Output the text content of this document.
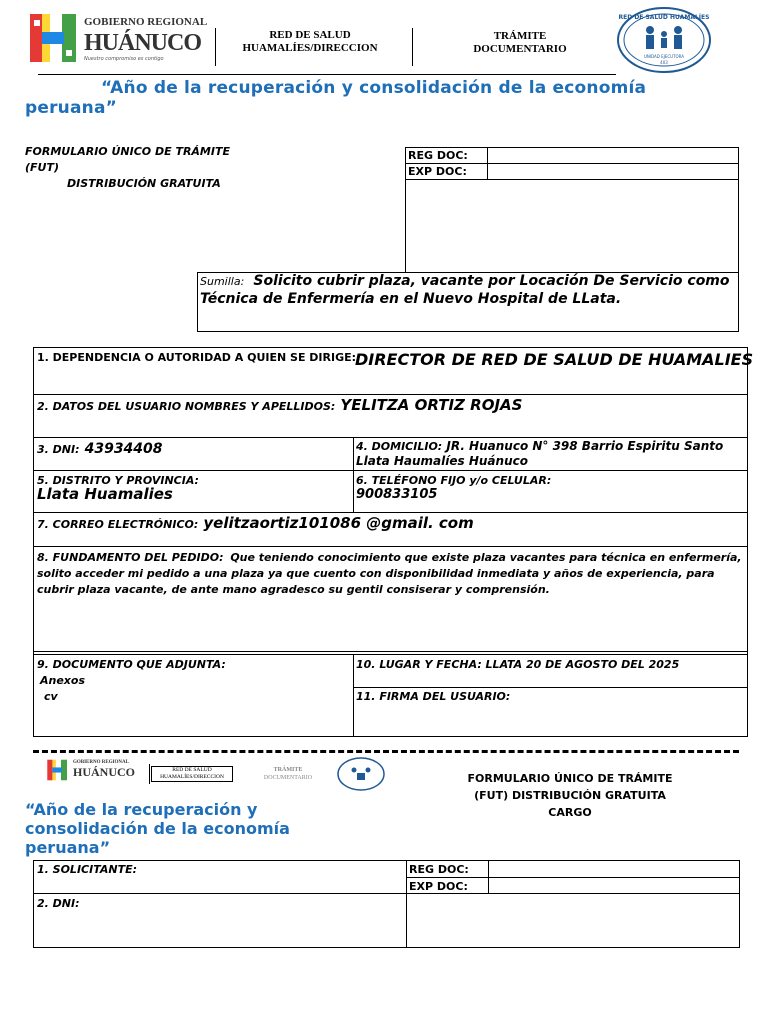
GOBIERNO REGIONAL
HUÁNUCO
Nuestro compromiso es contigo
RED DE SALUD
HUAMALÍES/DIRECCION
TRÁMITE
DOCUMENTARIO
RED DE SALUD HUAMALÍES
UNIDAD EJECUTORA
403
“Año de la recuperación y consolidación de la economía peruana”
FORMULARIO ÚNICO DE TRÁMITE (FUT)
DISTRIBUCIÓN GRATUITA
REG DOC:
EXP DOC:
Sumilla: Solicito cubrir plaza, vacante por Locación De Servicio como Técnica de Enfermería en el Nuevo Hospital de LLata.
1. DEPENDENCIA O AUTORIDAD A QUIEN SE DIRIGE:
DIRECTOR DE RED DE SALUD DE HUAMALIES
2. DATOS DEL USUARIO NOMBRES Y APELLIDOS: YELITZA ORTIZ ROJAS
3. DNI: 43934408	4. DOMICILIO: JR. Huanuco N° 398 Barrio Espiritu Santo
Llata Haumalíes Huánuco
5. DISTRITO Y PROVINCIA:
Llata Huamalies
6. TELÉFONO FIJO y/o CELULAR:
900833105
7. CORREO ELECTRÓNICO: yelitzaortiz101086 @gmail. com
8. FUNDAMENTO DEL PEDIDO: Que teniendo conocimiento que existe plaza vacantes para técnica en enfermería, solito acceder mi pedido a una plaza ya que cuento con disponibilidad inmediata y años de experiencia, para cubrir plaza vacante, de ante mano agradesco su gentil consiserar y comprensión.
9. DOCUMENTO QUE ADJUNTA:
Anexos
cv
10. LUGAR Y FECHA: LLATA 20 DE AGOSTO DEL 2025
11. FIRMA DEL USUARIO:
GOBIERNO REGIONAL
HUÁNUCO	RED DE SALUD
HUAMALÍES/DIRECCION
TRÁMITE
DOCUMENTARIO	FORMULARIO ÚNICO DE TRÁMITE
(FUT) DISTRIBUCIÓN GRATUITA
CARGO
“Año de la recuperación y
consolidación de la economía
peruana”
1. SOLICITANTE:
2. DNI:
REG DOC:
EXP DOC:
